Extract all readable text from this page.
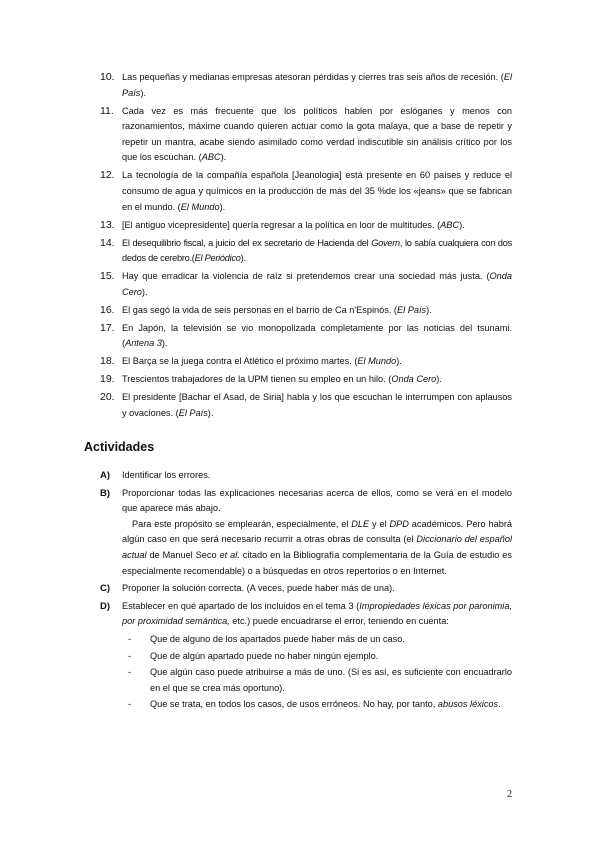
10. Las pequeñas y medianas empresas atesoran pérdidas y cierres tras seis años de recesión. (El País).
11. Cada vez es más frecuente que los políticos hablen por eslóganes y menos con razonamientos, máxime cuando quieren actuar como la gota malaya, que a base de repetir y repetir un mantra, acabe siendo asimilado como verdad indiscutible sin análisis crítico por los que los escuchan. (ABC).
12. La tecnología de la compañía española [Jeanologia] está presente en 60 países y reduce el consumo de agua y químicos en la producción de más del 35 %de los «jeans» que se fabrican en el mundo. (El Mundo).
13. [El antiguo vicepresidente] quería regresar a la política en loor de multitudes. (ABC).
14. El desequilibrio fiscal, a juicio del ex secretario de Hacienda del Govern, lo sabía cualquiera con dos dedos de cerebro.(El Periódico).
15. Hay que erradicar la violencia de raíz si pretendemos crear una sociedad más justa. (Onda Cero).
16. El gas segó la vida de seis personas en el barrio de Ca n'Espinós. (El País).
17. En Japón, la televisión se vio monopolizada completamente por las noticias del tsunami. (Antena 3).
18. El Barça se la juega contra el Atlético el próximo martes. (El Mundo).
19. Trescientos trabajadores de la UPM tienen su empleo en un hilo. (Onda Cero).
20. El presidente [Bachar el Asad, de Siria] habla y los que escuchan le interrumpen con aplausos y ovaciones. (El País).
Actividades
A)	Identificar los errores.
B)	Proporcionar todas las explicaciones necesarias acerca de ellos, como se verá en el modelo que aparece más abajo.
Para este propósito se emplearán, especialmente, el DLE y el DPD académicos. Pero habrá algún caso en que será necesario recurrir a otras obras de consulta (el Diccionario del español actual de Manuel Seco et al. citado en la Bibliografía complementaria de la Guía de estudio es especialmente recomendable) o a búsquedas en otros repertorios o en Internet.
C)	Proponer la solución correcta. (A veces, puede haber más de una).
D)	Establecer en qué apartado de los incluidos en el tema 3 (Impropiedades léxicas por paronimia, por proximidad semántica, etc.) puede encuadrarse el error, teniendo en cuenta:
-	Que de alguno de los apartados puede haber más de un caso.
-	Que de algún apartado puede no haber ningún ejemplo.
-	Que algún caso puede atribuirse a más de uno. (Si es así, es suficiente con encuadrarlo en el que se crea más oportuno).
-	Que se trata, en todos los casos, de usos erróneos. No hay, por tanto, abusos léxicos.
2
